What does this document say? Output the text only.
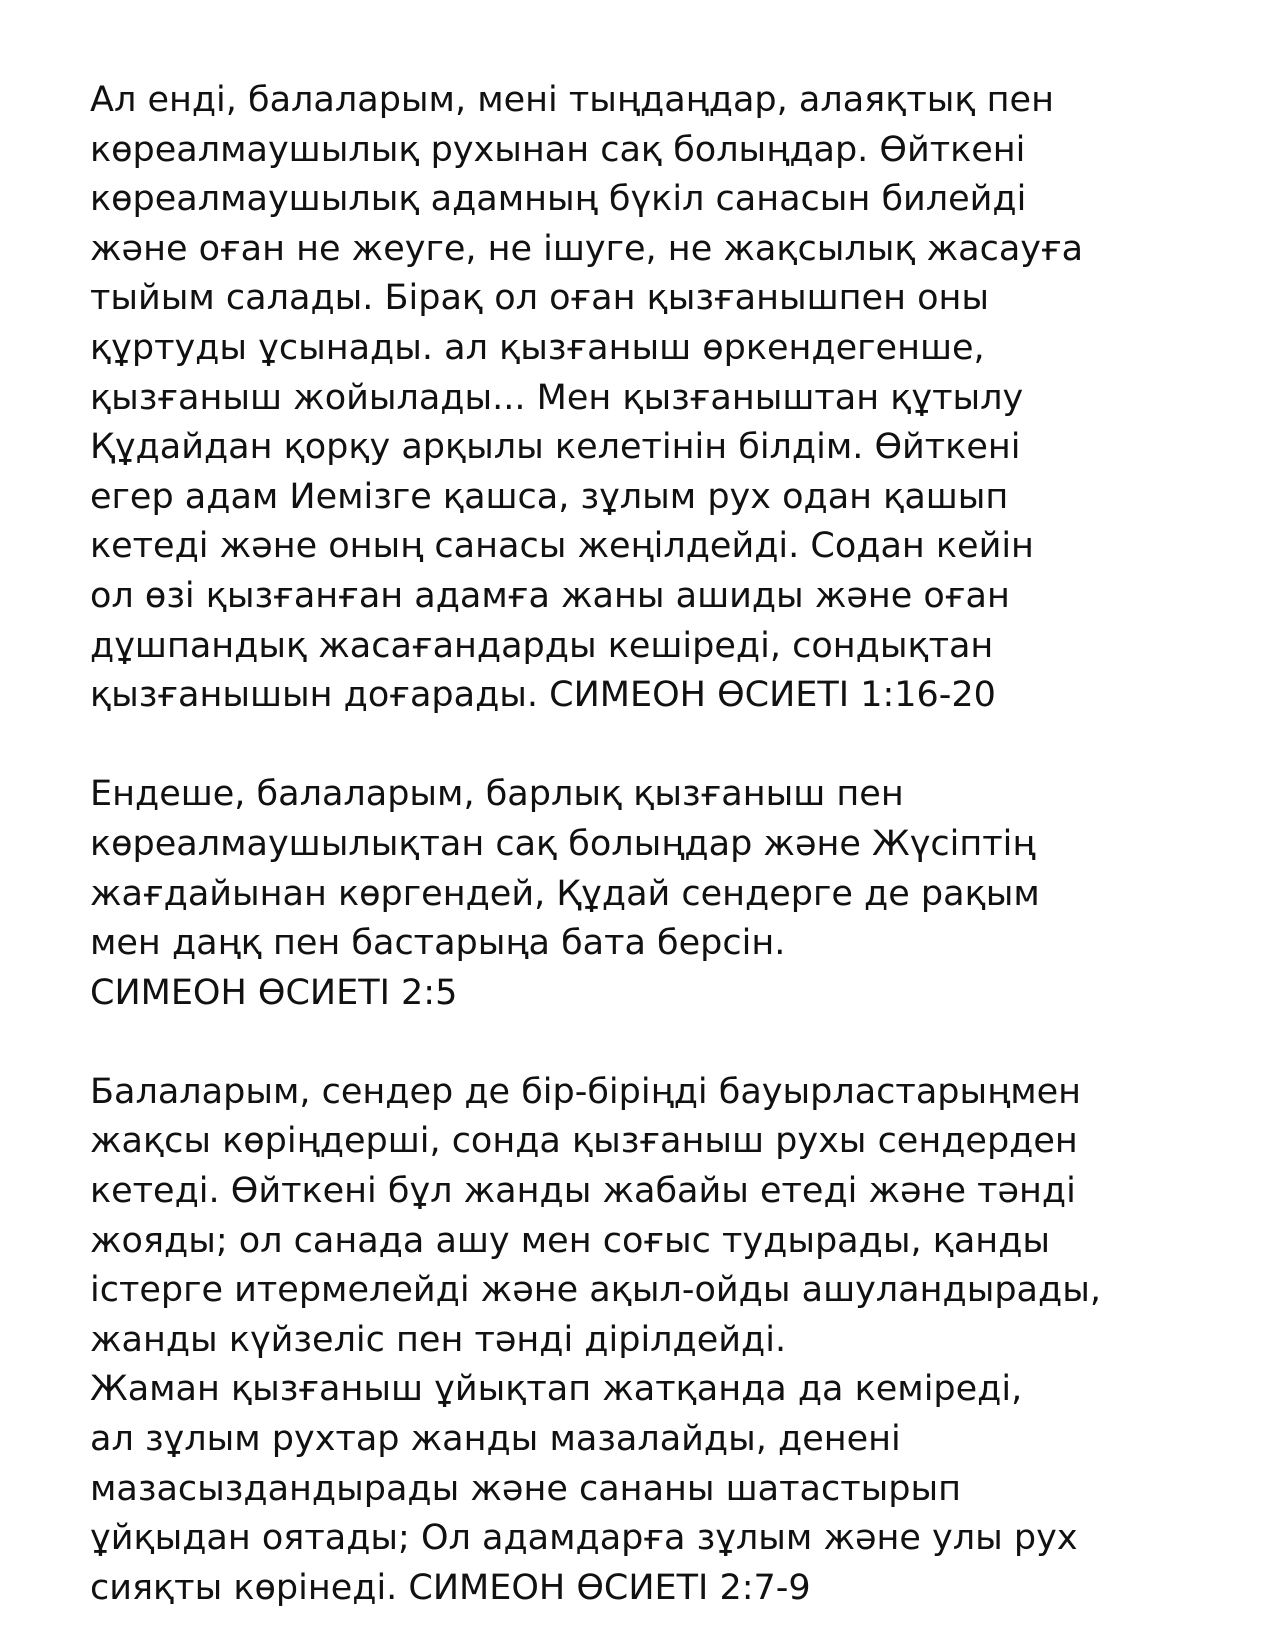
Ал енді, балаларым, мені тыңдаңдар, алаяқтық пен
көреалмаушылық рухынан сақ болыңдар. Өйткені
көреалмаушылық адамның бүкіл санасын билейді
және оған не жеуге, не ішуге, не жақсылық жасауға
тыйым салады. Бірақ ол оған қызғанышпен оны
құртуды ұсынады. ал қызғаныш өркендегенше,
қызғаныш жойылады... Мен қызғаныштан құтылу
Құдайдан қорқу арқылы келетінін білдім. Өйткені
егер адам Иемізге қашса, зұлым рух одан қашып
кетеді және оның санасы жеңілдейді. Содан кейін
ол өзі қызғанған адамға жаны ашиды және оған
дұшпандық жасағандарды кешіреді, сондықтан
қызғанышын доғарады. СИМЕОН ӨСИЕТІ 1:16-20
Ендеше, балаларым, барлық қызғаныш пен
көреалмаушылықтан сақ болыңдар және Жүсіптің
жағдайынан көргендей, Құдай сендерге де рақым
мен даңқ пен бастарыңа бата берсін.
СИМЕОН ӨСИЕТІ 2:5
Балаларым, сендер де бір-біріңді бауырластарыңмен
жақсы көріңдерші, сонда қызғаныш рухы сендерден
кетеді. Өйткені бұл жанды жабайы етеді және тәнді
жояды; ол санада ашу мен соғыс тудырады, қанды
істерге итермелейді және ақыл-ойды ашуландырады,
жанды күйзеліс пен тәнді дірілдейді.
Жаман қызғаныш ұйықтап жатқанда да кеміреді,
ал зұлым рухтар жанды мазалайды, денені
мазасыздандырады және сананы шатастырып
ұйқыдан оятады; Ол адамдарға зұлым және улы рух
сияқты көрінеді. СИМЕОН ӨСИЕТІ 2:7-9
